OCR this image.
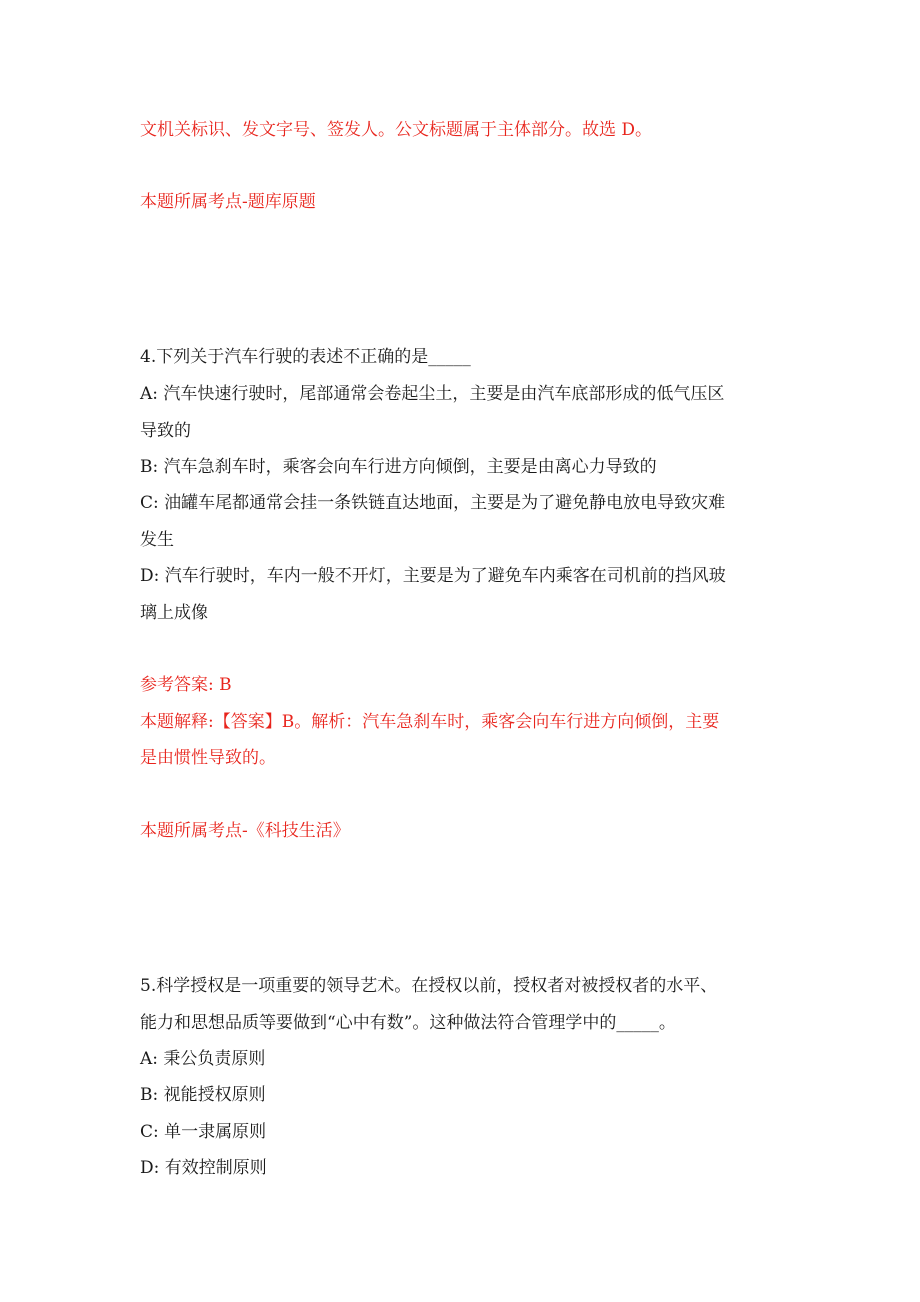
文机关标识、发文字号、签发人。公文标题属于主体部分。故选 D。
本题所属考点-题库原题
4.下列关于汽车行驶的表述不正确的是_____
A: 汽车快速行驶时，尾部通常会卷起尘土，主要是由汽车底部形成的低气压区
导致的
B: 汽车急刹车时，乘客会向车行进方向倾倒，主要是由离心力导致的
C: 油罐车尾都通常会挂一条铁链直达地面，主要是为了避免静电放电导致灾难
发生
D: 汽车行驶时，车内一般不开灯，主要是为了避免车内乘客在司机前的挡风玻
璃上成像
参考答案: B
本题解释:【答案】B。解析：汽车急刹车时，乘客会向车行进方向倾倒，主要
是由惯性导致的。
本题所属考点-《科技生活》
5.科学授权是一项重要的领导艺术。在授权以前，授权者对被授权者的水平、
能力和思想品质等要做到“心中有数”。这种做法符合管理学中的_____。
A: 秉公负责原则
B: 视能授权原则
C: 单一隶属原则
D: 有效控制原则
